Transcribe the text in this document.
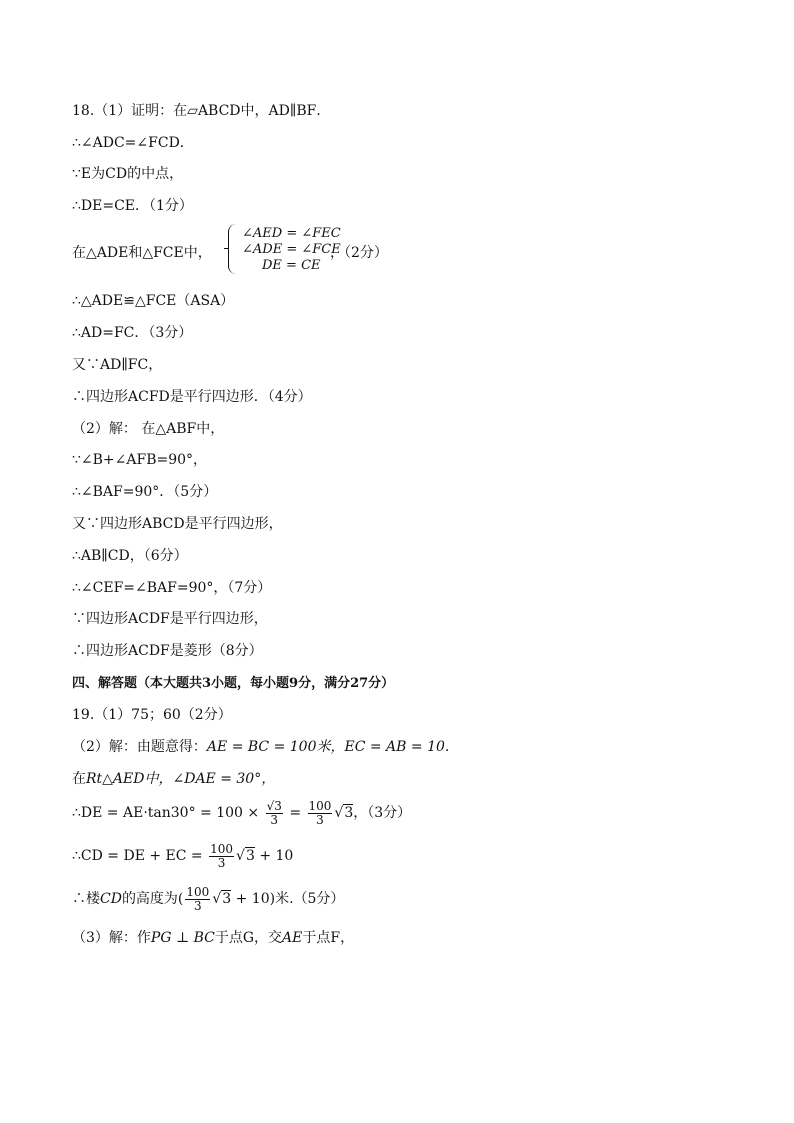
18.（1）证明：在▱ABCD中，AD∥BF．
∴∠ADC=∠FCD．
∵E为CD的中点，
∴DE=CE．（1分）
在△ADE和△FCE中，
∠AED = ∠FEC
∠ADE = ∠FCE
DE = CE
，（2分）
∴△ADE≌△FCE（ASA）
∴AD=FC．（3分）
又∵AD∥FC，
∴四边形ACFD是平行四边形．（4分）
（2）解： 在△ABF中，
∵∠B+∠AFB=90°，
∴∠BAF=90°．（5分）
又∵四边形ABCD是平行四边形，
∴AB∥CD，（6分）
∴∠CEF=∠BAF=90°，（7分）
∵四边形ACDF是平行四边形，
∴四边形ACDF是菱形（8分）
四、解答题（本大题共3小题，每小题9分，满分27分）
19.（1）75；60（2分）
（2）解：由题意得：AE = BC = 100米，EC = AB = 10.
在Rt△AED中，∠DAE = 30°，
∴DE = $AE\cdot\tan 30^\circ = 100 \times \frac{√3}{3} = \frac{100}{3} √3$，（3分）
∴CD = DE + EC = $\frac{100}{3} √3 + 10$
∴楼CD的高度为( $\frac{100}{3} √3 + 10$)米.（5分）
（3）解：作PG ⊥ BC于点G，交AE于点F，
